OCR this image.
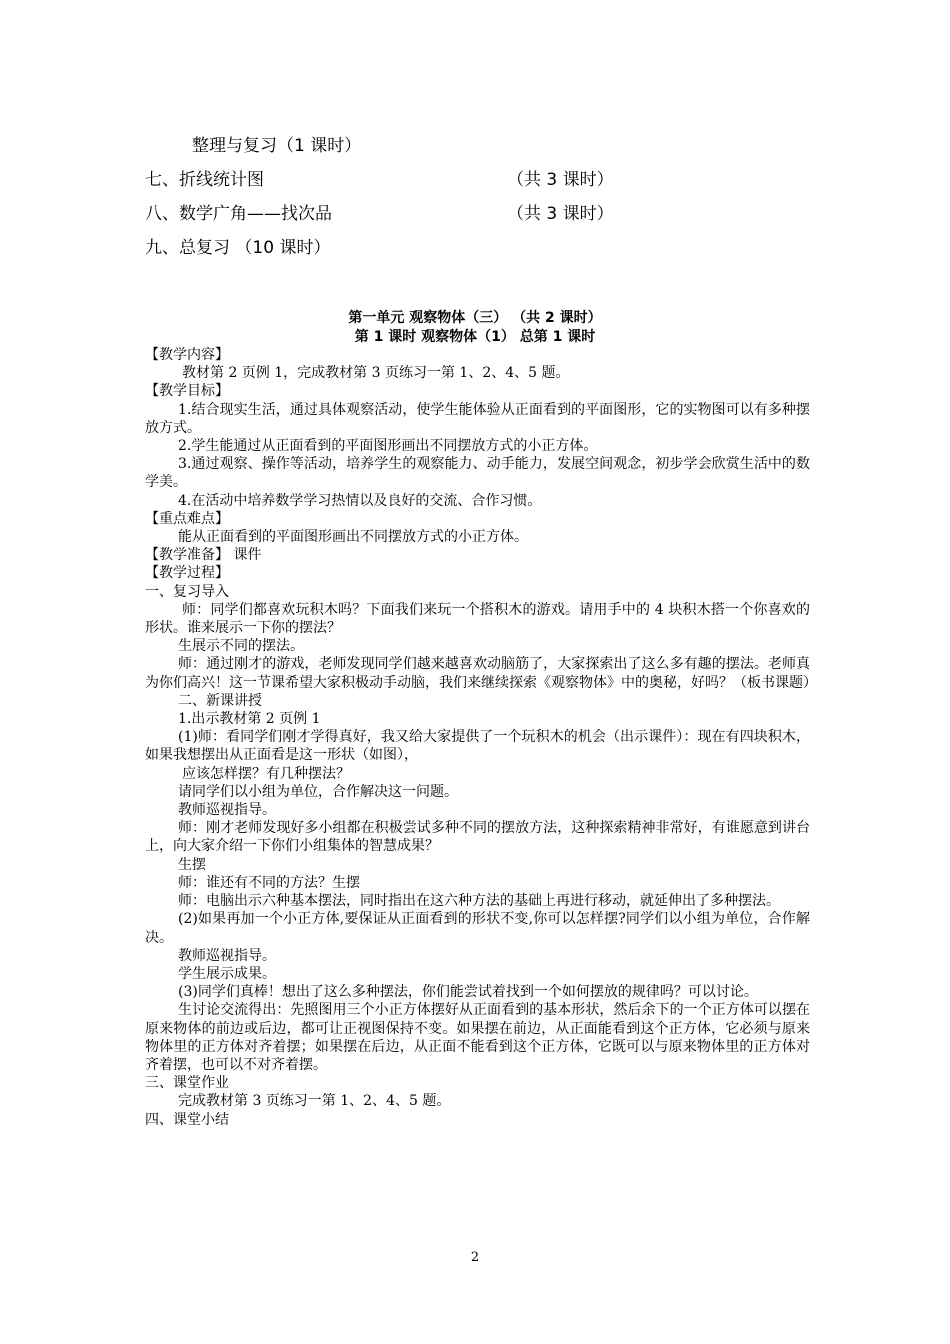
整理与复习（1 课时）
七、折线统计图	（共 3 课时）
八、数学广角——找次品	（共 3 课时）
九、总复习 （10 课时）
第一单元 观察物体（三） （共 2 课时）
第 1 课时 观察物体（1） 总第 1 课时

【教学内容】

教材第 2 页例 1，完成教材第 3 页练习一第 1、2、4、5 题。

【教学目标】

1.结合现实生活，通过具体观察活动，使学生能体验从正面看到的平面图形，它的实物图可以有多种摆放方式。

2.学生能通过从正面看到的平面图形画出不同摆放方式的小正方体。

3.通过观察、操作等活动，培养学生的观察能力、动手能力，发展空间观念，初步学会欣赏生活中的数学美。

4.在活动中培养数学学习热情以及良好的交流、合作习惯。

【重点难点】

能从正面看到的平面图形画出不同摆放方式的小正方体。

【教学准备】 课件

【教学过程】

一、复习导入

师：同学们都喜欢玩积木吗？下面我们来玩一个搭积木的游戏。请用手中的 4 块积木搭一个你喜欢的形状。谁来展示一下你的摆法？

生展示不同的摆法。

师：通过刚才的游戏，老师发现同学们越来越喜欢动脑筋了，大家探索出了这么多有趣的摆法。老师真为你们高兴！这一节课希望大家积极动手动脑，我们来继续探索《观察物体》中的奥秘，好吗？（板书课题）

二、新课讲授

1.出示教材第 2 页例 1

(1)师：看同学们刚才学得真好，我又给大家提供了一个玩积木的机会（出示课件）：现在有四块积木，如果我想摆出从正面看是这一形状（如图），

应该怎样摆？有几种摆法？

请同学们以小组为单位，合作解决这一问题。

教师巡视指导。

师：刚才老师发现好多小组都在积极尝试多种不同的摆放方法，这种探索精神非常好，有谁愿意到讲台上，向大家介绍一下你们小组集体的智慧成果？

生摆

师：谁还有不同的方法？生摆

师：电脑出示六种基本摆法，同时指出在这六种方法的基础上再进行移动，就延伸出了多种摆法。

(2)如果再加一个小正方体,要保证从正面看到的形状不变,你可以怎样摆?同学们以小组为单位，合作解决。

教师巡视指导。

学生展示成果。

(3)同学们真棒！想出了这么多种摆法，你们能尝试着找到一个如何摆放的规律吗？可以讨论。

生讨论交流得出：先照图用三个小正方体摆好从正面看到的基本形状，然后余下的一个正方体可以摆在原来物体的前边或后边，都可让正视图保持不变。如果摆在前边，从正面能看到这个正方体，它必须与原来物体里的正方体对齐着摆；如果摆在后边，从正面不能看到这个正方体，它既可以与原来物体里的正方体对齐着摆，也可以不对齐着摆。

三、课堂作业

完成教材第 3 页练习一第 1、2、4、5 题。

四、课堂小结

2
